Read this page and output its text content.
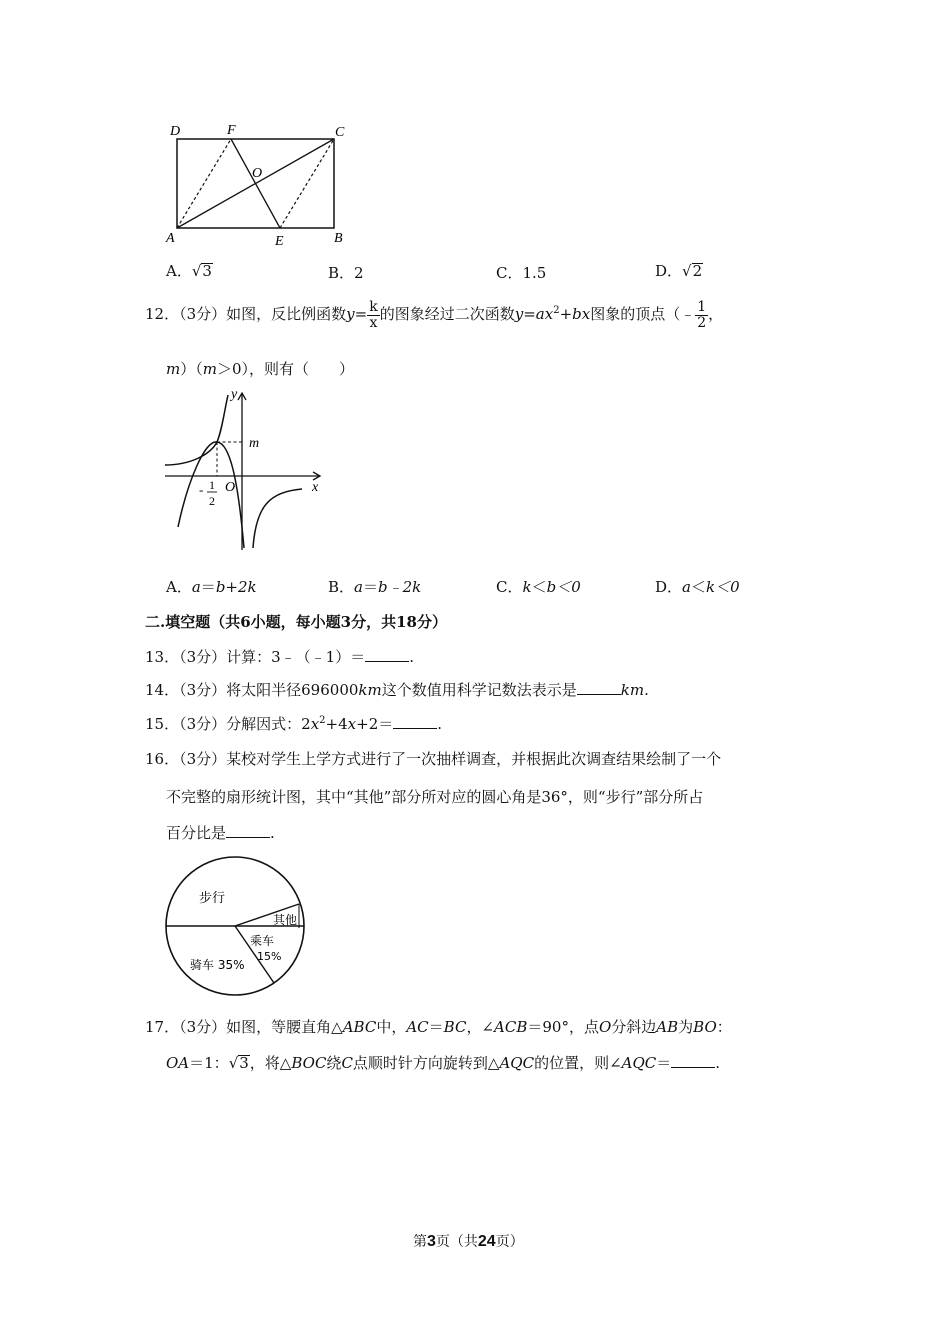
D	F	C
O
A	E	B
A．√3	B．2	C．1.5	D．√2
12．（3分）如图，反比例函数$y= \frac{k}{x}$ 的图象经过二次函数$y=ax^2+bx$图象的顶点（﹣ $\frac{1}{2}$ ，
m）（m＞0），则有（　　）
y
x
m
O
- 1
2
A．a＝b+2k	B．a＝b﹣2k	C．k＜b＜0	D．a＜k＜0
二.填空题（共6小题，每小题3分，共18分）
13．（3分）计算：3﹣（﹣1）＝	.
14．（3分）将太阳半径696000km这个数值用科学记数法表示是	km.
15．（3分）分解因式：$2x^2+4x+2=$	.
16．（3分）某校对学生上学方式进行了一次抽样调查，并根据此次调查结果绘制了一个
不完整的扇形统计图，其中“其他”部分所对应的圆心角是36°，则“步行”部分所占
百分比是	.
步行
其他
乘车
15%
骑车 35%
17．（3分）如图，等腰直角△ABC中，AC＝BC，∠ACB＝90°，点O分斜边AB为BO：
OA＝1：√3，将△BOC绕C点顺时针方向旋转到△AQC的位置，则∠AQC＝	.
第3页（共24页）
